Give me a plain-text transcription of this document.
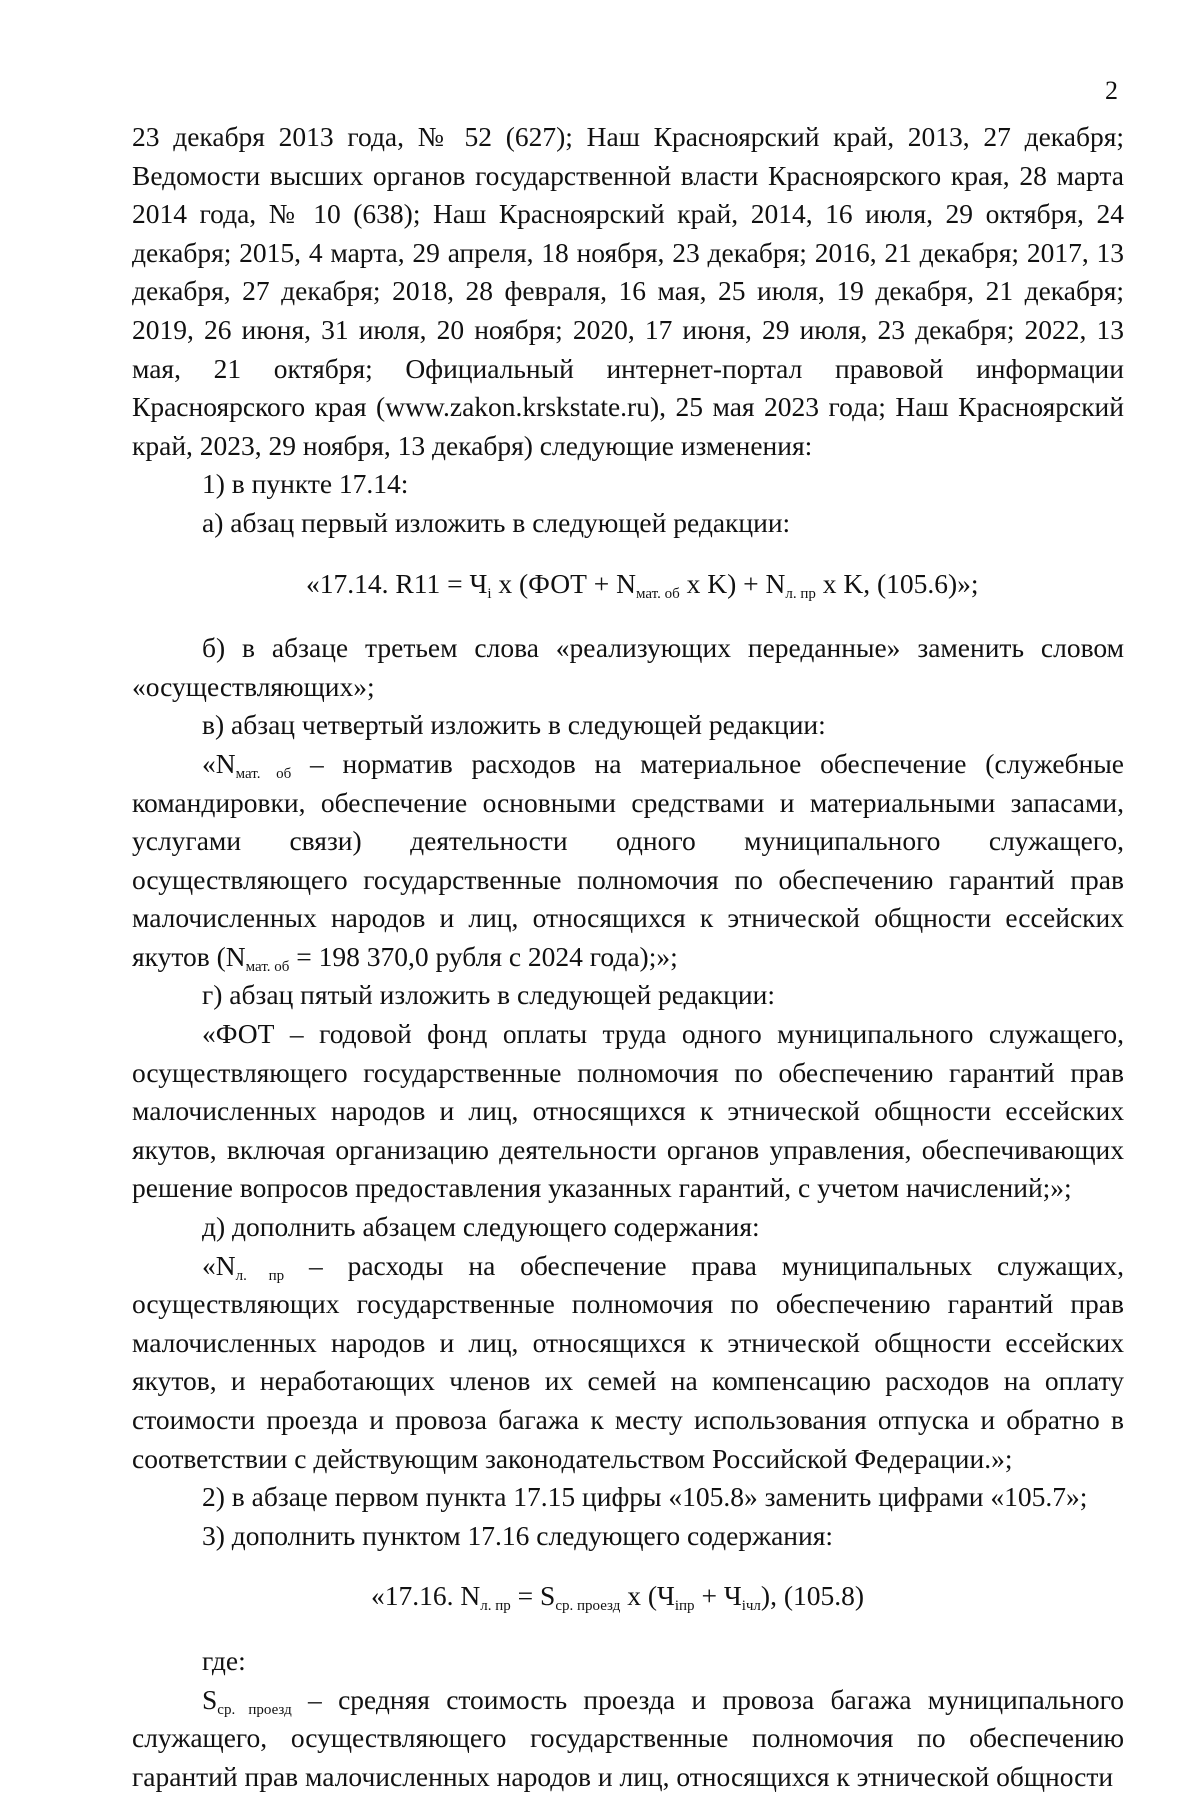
2

23 декабря 2013 года, № 52 (627); Наш Красноярский край, 2013, 27 декабря; Ведомости высших органов государственной власти Красноярского края, 28 марта 2014 года, № 10 (638); Наш Красноярский край, 2014, 16 июля, 29 октября, 24 декабря; 2015, 4 марта, 29 апреля, 18 ноября, 23 декабря; 2016, 21 декабря; 2017, 13 декабря, 27 декабря; 2018, 28 февраля, 16 мая, 25 июля, 19 декабря, 21 декабря; 2019, 26 июня, 31 июля, 20 ноября; 2020, 17 июня, 29 июля, 23 декабря; 2022, 13 мая, 21 октября; Официальный интернет-портал правовой информации Красноярского края (www.zakon.krskstate.ru), 25 мая 2023 года; Наш Красноярский край, 2023, 29 ноября, 13 декабря) следующие изменения:

1) в пункте 17.14:

а) абзац первый изложить в следующей редакции:

«17.14. $R11 = Ч_i$ x ($ФОТ + N_{мат. об}$ x $K) + N_{л. пр}$ x K, (105.6)»;

б) в абзаце третьем слова «реализующих переданные» заменить словом «осуществляющих»;

в) абзац четвертый изложить в следующей редакции:

«$N_{мат. об}$ – норматив расходов на материальное обеспечение (служебные командировки, обеспечение основными средствами и материальными запасами, услугами связи) деятельности одного муниципального служащего, осуществляющего государственные полномочия по обеспечению гарантий прав малочисленных народов и лиц, относящихся к этнической общности ессейских якутов ($N_{мат. об} = 198$ 370,0 рубля с 2024 года);»;

г) абзац пятый изложить в следующей редакции:

«ФОТ – годовой фонд оплаты труда одного муниципального служащего, осуществляющего государственные полномочия по обеспечению гарантий прав малочисленных народов и лиц, относящихся к этнической общности ессейских якутов, включая организацию деятельности органов управления, обеспечивающих решение вопросов предоставления указанных гарантий, с учетом начислений;»;

д) дополнить абзацем следующего содержания:

«$N_{л. пр}$ – расходы на обеспечение права муниципальных служащих, осуществляющих государственные полномочия по обеспечению гарантий прав малочисленных народов и лиц, относящихся к этнической общности ессейских якутов, и неработающих членов их семей на компенсацию расходов на оплату стоимости проезда и провоза багажа к месту использования отпуска и обратно в соответствии с действующим законодательством Российской Федерации.»;

2) в абзаце первом пункта 17.15 цифры «105.8» заменить цифрами «105.7»;

3) дополнить пунктом 17.16 следующего содержания:

«17.16. $N_{л. пр} = S_{ср. проезд}$ x $(Ч_{iпр} + Ч_{iчл})$, (105.8)

где:

$S_{ср. проезд}$ – средняя стоимость проезда и провоза багажа муниципального служащего, осуществляющего государственные полномочия по обеспечению гарантий прав малочисленных народов и лиц, относящихся к этнической общности
